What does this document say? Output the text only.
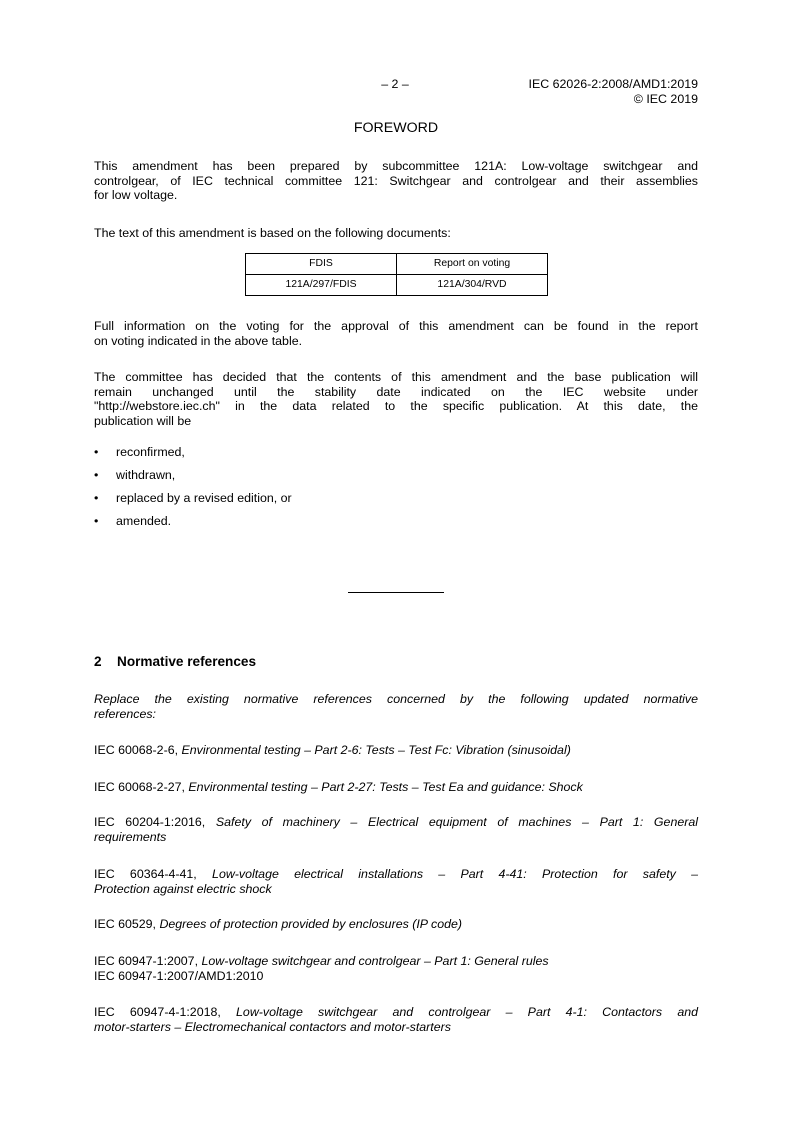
– 2 –	IEC 62026-2:2008/AMD1:2019
© IEC 2019
FOREWORD
This amendment has been prepared by subcommittee 121A: Low-voltage switchgear and
controlgear, of IEC technical committee 121: Switchgear and controlgear and their assemblies
for low voltage.
The text of this amendment is based on the following documents:
FDIS	Report on voting
121A/297/FDIS	121A/304/RVD
Full information on the voting for the approval of this amendment can be found in the report
on voting indicated in the above table.
The committee has decided that the contents of this amendment and the base publication will
remain unchanged until the stability date indicated on the IEC website under
"http://webstore.iec.ch" in the data related to the specific publication. At this date, the
publication will be
•	reconfirmed,
•	withdrawn,
•	replaced by a revised edition, or
•	amended.
2 Normative references
Replace the existing normative references concerned by the following updated normative
references:
IEC 60068-2-6, Environmental testing – Part 2-6: Tests – Test Fc: Vibration (sinusoidal)
IEC 60068-2-27, Environmental testing – Part 2-27: Tests – Test Ea and guidance: Shock
IEC 60204-1:2016, Safety of machinery – Electrical equipment of machines – Part 1: General
requirements
IEC 60364-4-41, Low-voltage electrical installations – Part 4-41: Protection for safety –
Protection against electric shock
IEC 60529, Degrees of protection provided by enclosures (IP code)
IEC 60947-1:2007, Low-voltage switchgear and controlgear – Part 1: General rules
IEC 60947-1:2007/AMD1:2010
IEC 60947-4-1:2018, Low-voltage switchgear and controlgear – Part 4-1: Contactors and
motor-starters – Electromechanical contactors and motor-starters
